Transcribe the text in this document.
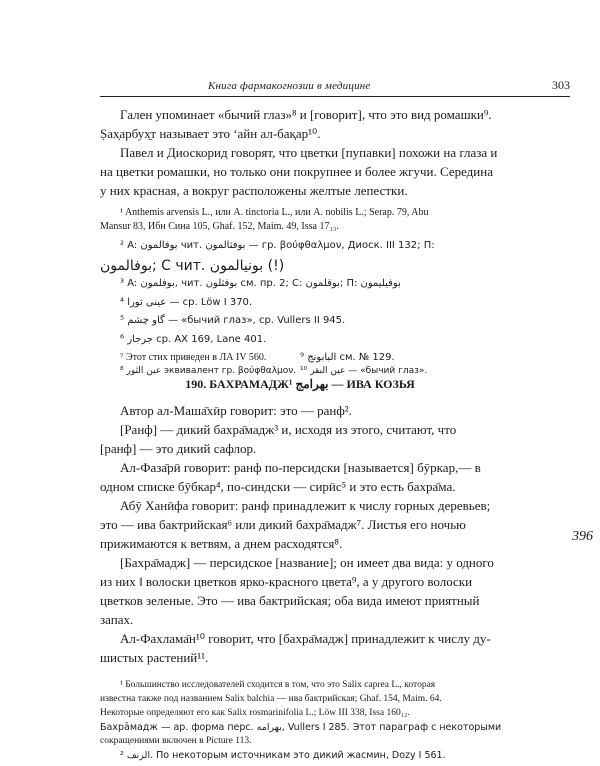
Книга фармакогнозии в медицине	303
Гален упоминает «бычий глаз»⁸ и [говорит], что это вид ромашки⁹.
Ṣах̣арбух̱т называет это ʻайн ал-бақар¹⁰.
Павел и Диоскорид говорят, что цветки [пупавки] похожи на глаза и
на цветки ромашки, но только они покрупнее и более жгучи. Середина
у них красная, а вокруг расположены желтые лепестки.
¹ Anthemis arvensis L., или A. tinctoria L., или A. nobilis L.; Serap. 79, Abu
Mansur 83, Ибн Сина 105, Ghaf. 152, Maim. 49, Issa 17₁₃.
² A: بوفالمون чит. بوفثالمون — гр. βούφθαλμον, Диоск. III 132; П:
بوفالمون; С чит. بونيالمون (!)
³ A: بوفلمون, чит. بوفثلون см. пр. 2; С: بوقلمون; П: بوفيليمون
⁴ عينى ثورا — ср. Löw I 370.
⁵ گاو چشم — «бычий глаз», ср. Vullers II 945.
⁶ جرجار ср. AX 169, Lane 401.
⁷ Этот стих приведен в ЛА IV 560.
⁸ عين الثور эквивалент гр. βούφθαλμον.
⁹ البابونج см. № 129.
¹⁰ عين البقر — «бычий глаз».
190. БАХРАМАДЖ¹ بهرامج — ИВА КОЗЬЯ
Автор ал-Маша̄хӣр говорит: это — ранф².
[Ранф] — дикий бахра̄мадж³ и, исходя из этого, считают, что
[ранф] — это дикий сафлор.
Ал-Фаза̄рӣ говорит: ранф по-персидски [называется] бӯркар,— в
одном списке бӯбкар⁴, по-синдски — сирӣс⁵ и это есть бахра̄ма.
Абӯ Ханӣфа говорит: ранф принадлежит к числу горных деревьев;
это — ива бактрийская⁶ или дикий бахра̄мадж⁷. Листья его ночью
прижимаются к ветвям, а днем расходятся⁸.
[Бахра̄мадж] — персидское [название]; он имеет два вида: у одного
из них ‖ волоски цветков ярко-красного цвета⁹, а у другого волоски
цветков зеленые. Это — ива бактрийская; оба вида имеют приятный
запах.
Ал-Фахлама̄н¹⁰ говорит, что [бахра̄мадж] принадлежит к числу ду-
шистых растений¹¹.
396
¹ Большинство исследователей сходится в том, что это Salix caprea L., которая
известна также под названием Salix balchia — ива бактрийская; Ghaf. 154, Maim. 64.
Некоторые определяют его как Salix rosmarinifolia L.; Löw III 338, Issa 160₁₂.
Бахра̄мадж — ар. форма перс. بهرامه, Vullers I 285. Этот параграф с некоторыми
сокращениями включен в Picture 113.
² الرنف. По некоторым источникам это дикий жасмин, Dozy I 561.
